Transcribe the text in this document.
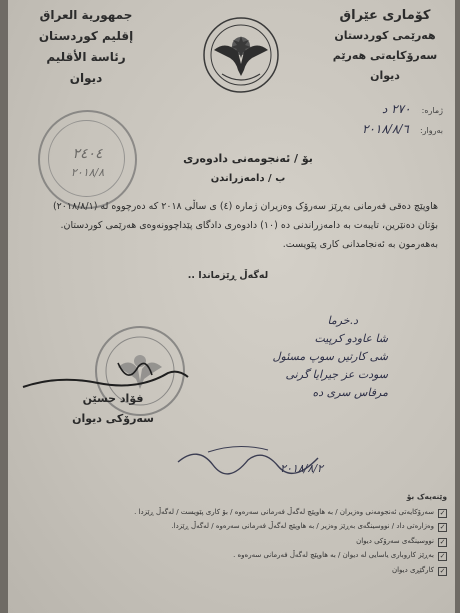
جمهورية العراق
إقليم كوردستان
رئاسة الأقليم
ديوان
كۆماری عێراق
هەرێمی کوردستان
سەرۆکایەتی هەرێم
دیوان
ژمارە: ٢٧٠ د
بەروار: ٢٠١٨/٨/٦
٢٤٠٤
٢٠١٨/٨
بۆ / ئەنجومەنی دادوەری
ب / دامەزراندن
هاوپێچ دەقی فەرمانی بەڕێز سەرۆک وەزیران ژمارە (٤) ی ساڵی ٢٠١٨ کە دەرچووە لە (٢٠١٨/٨/١)
بۆتان دەنێرین، تایبەت بە دامەزراندنی دە (١٠) دادوەری دادگای پێداچوونەوەی هەرێمی کوردستان.
بەهەرمون بە ئەنجامدانی کاری پێویست.
لەگەڵ ڕێزماندا ..
د.خرما
شا عاودو کرپیت
شی کارتیں سوپ مسئول
سودت عز جیرایا گرنی
مرفاس سری ده
٢٠١٨/٨/٢
فۆاد حسێن
سەرۆکی دیوان
وێنەیەک بۆ
✓سەرۆکایەتی ئەنجومەنی وەزیران / بە هاوپێچ لەگەڵ فەرمانی سەرەوە / بۆ کاری پێویست / لەگەڵ ڕێزدا .
✓وەزارەتی داد / نووسینگەی بەڕێز وەزیر / بە هاوپێچ لەگەڵ فەرمانی سەرەوە / لەگەڵ ڕێزدا.
✓نووسینگەی سەرۆکی دیوان
✓بەڕێز کاروباری یاسایی لە دیوان / بە هاوپێچ لەگەڵ فەرمانی سەرەوە .
✓کارگێڕی دیوان
